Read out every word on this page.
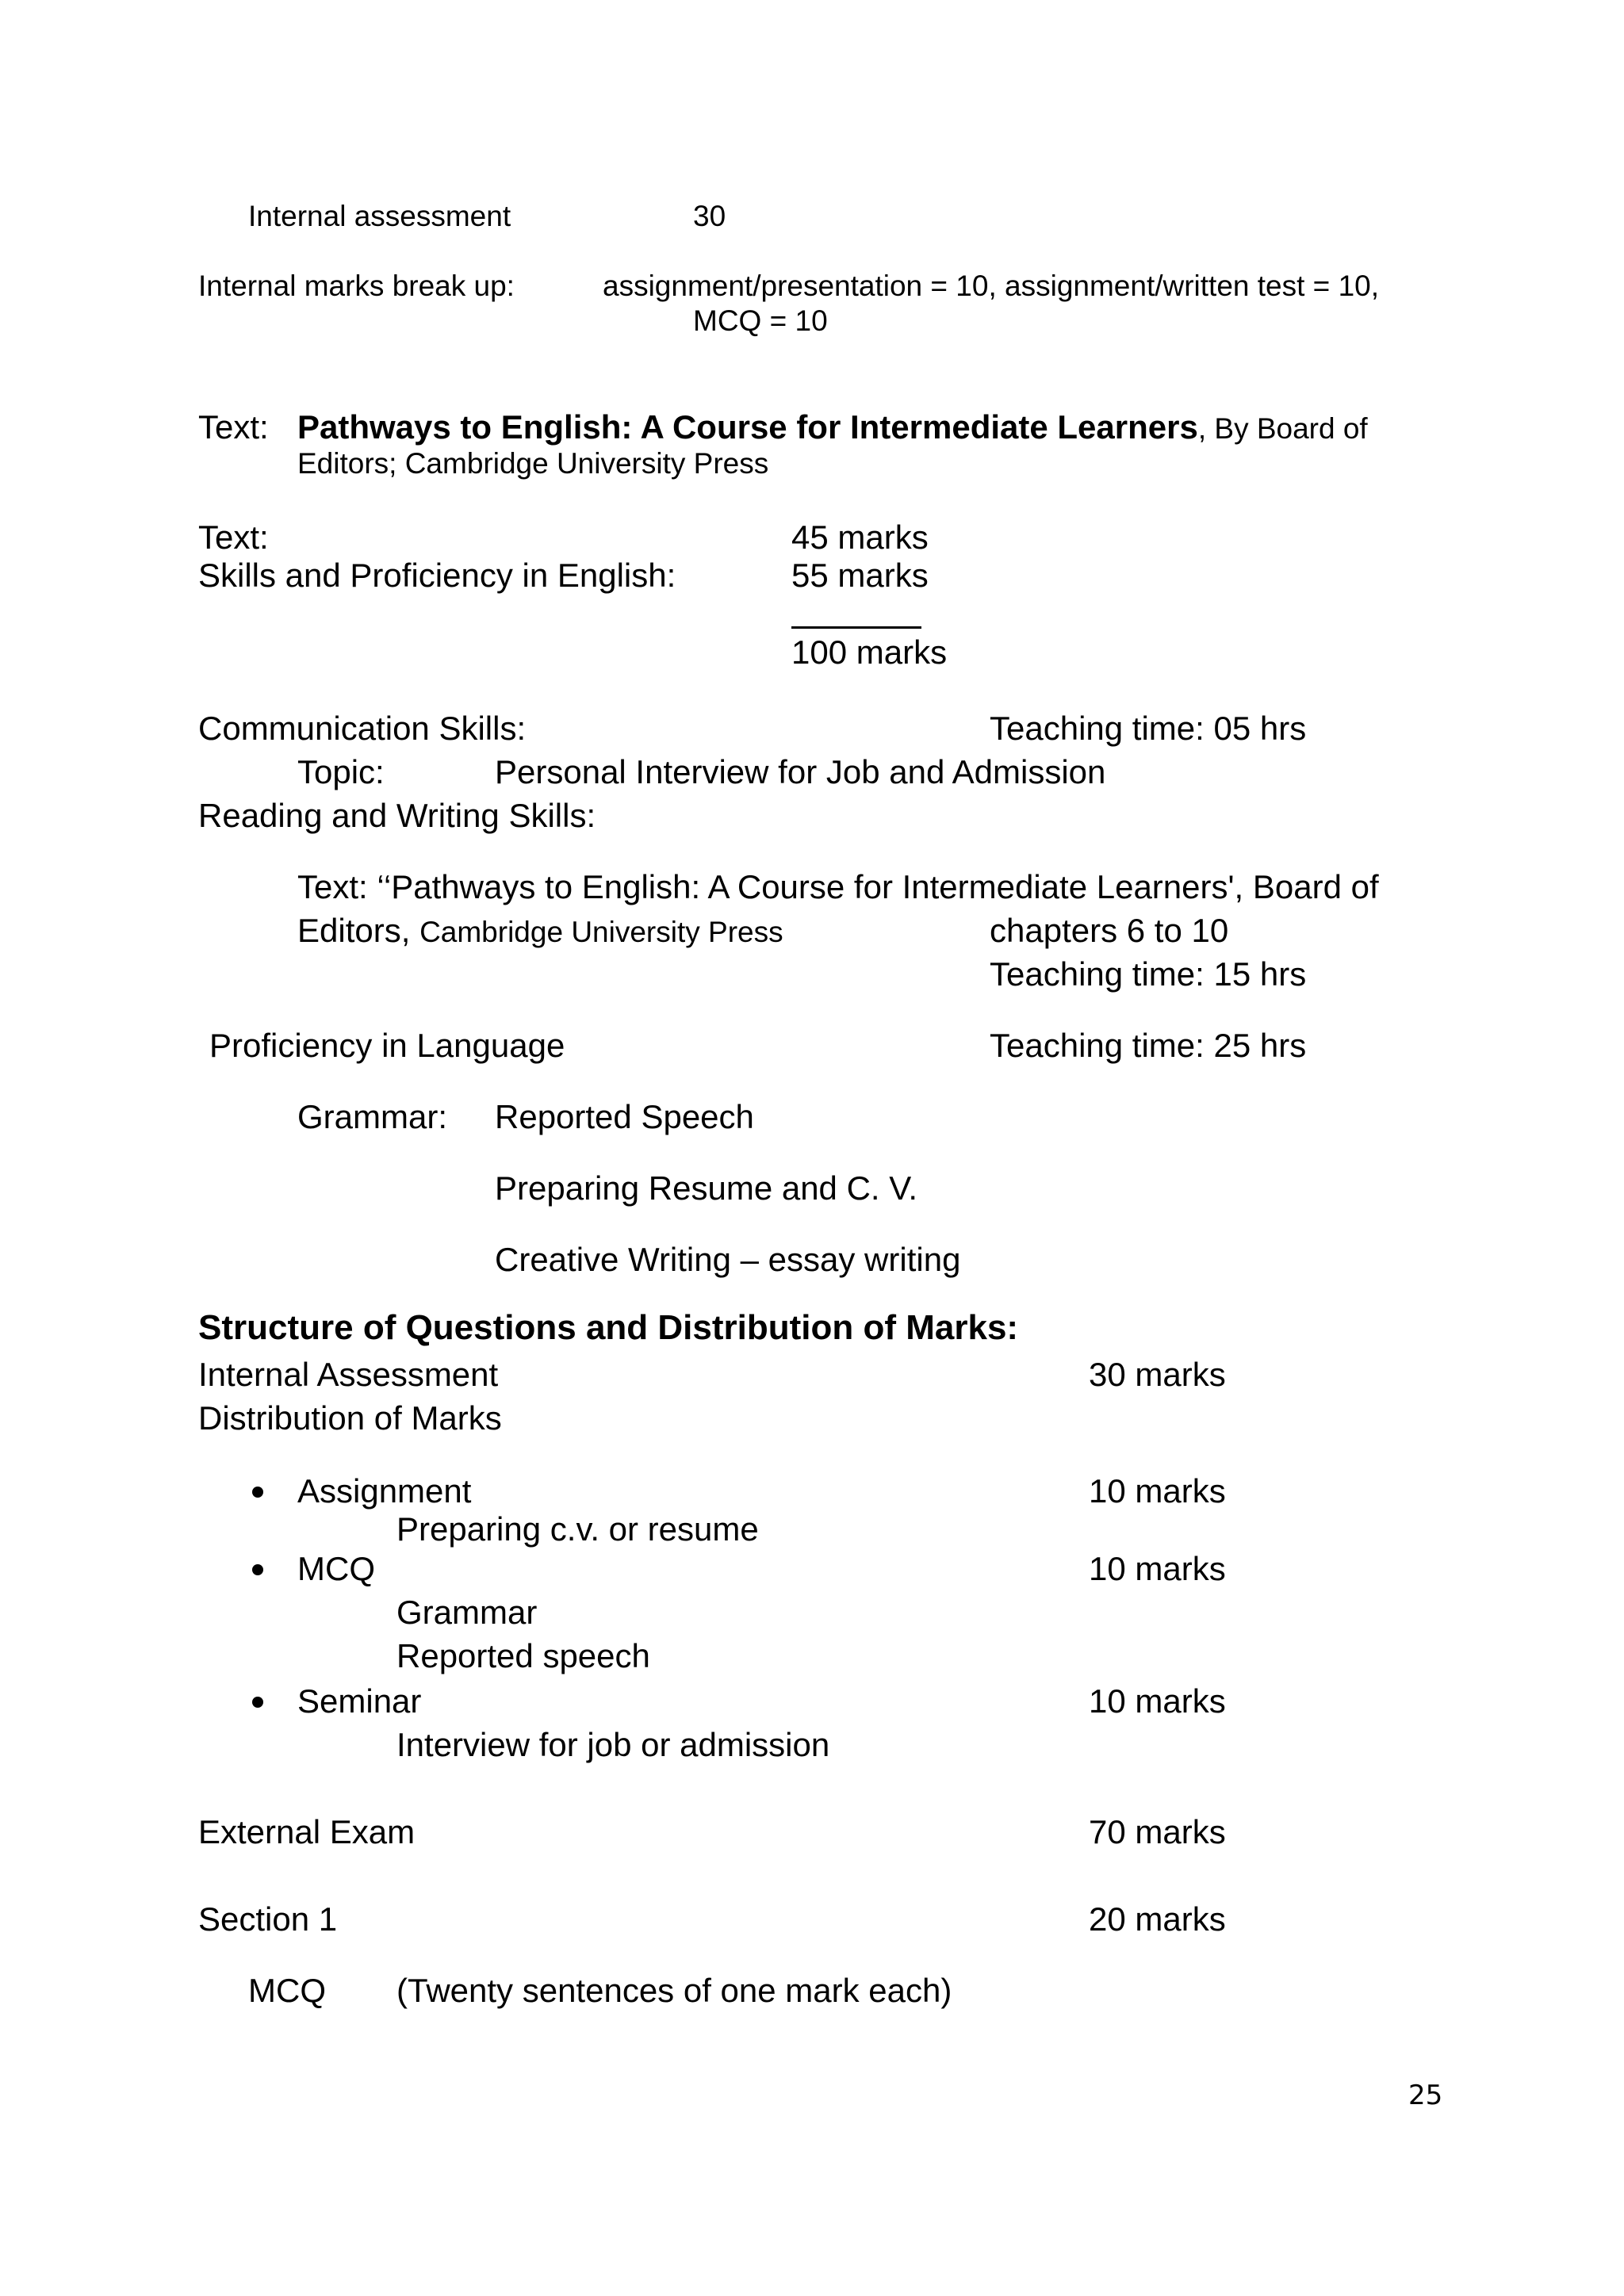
Internal assessment	30
Internal marks break up:	assignment/presentation = 10, assignment/written test = 10,
MCQ = 10
Text: Pathways to English: A Course for Intermediate Learners, By Board of
Editors; Cambridge University Press
Text:	45 marks
Skills and Proficiency in English:	55 marks
100 marks
Communication Skills:	Teaching time: 05 hrs
Topic:	Personal Interview for Job and Admission
Reading and Writing Skills:
Text: ‘‘Pathways to English: A Course for Intermediate Learners', Board of
Editors, Cambridge University Press	chapters 6 to 10
Teaching time: 15 hrs
Proficiency in Language	Teaching time: 25 hrs
Grammar: Reported Speech
Preparing Resume and C. V.
Creative Writing – essay writing
Structure of Questions and Distribution of Marks:
Internal Assessment	30 marks
Distribution of Marks
Assignment	10 marks
Preparing c.v. or resume
MCQ	10 marks
Grammar
Reported speech
Seminar	10 marks
Interview for job or admission
External Exam	70 marks
Section 1	20 marks
MCQ (Twenty sentences of one mark each)
25
